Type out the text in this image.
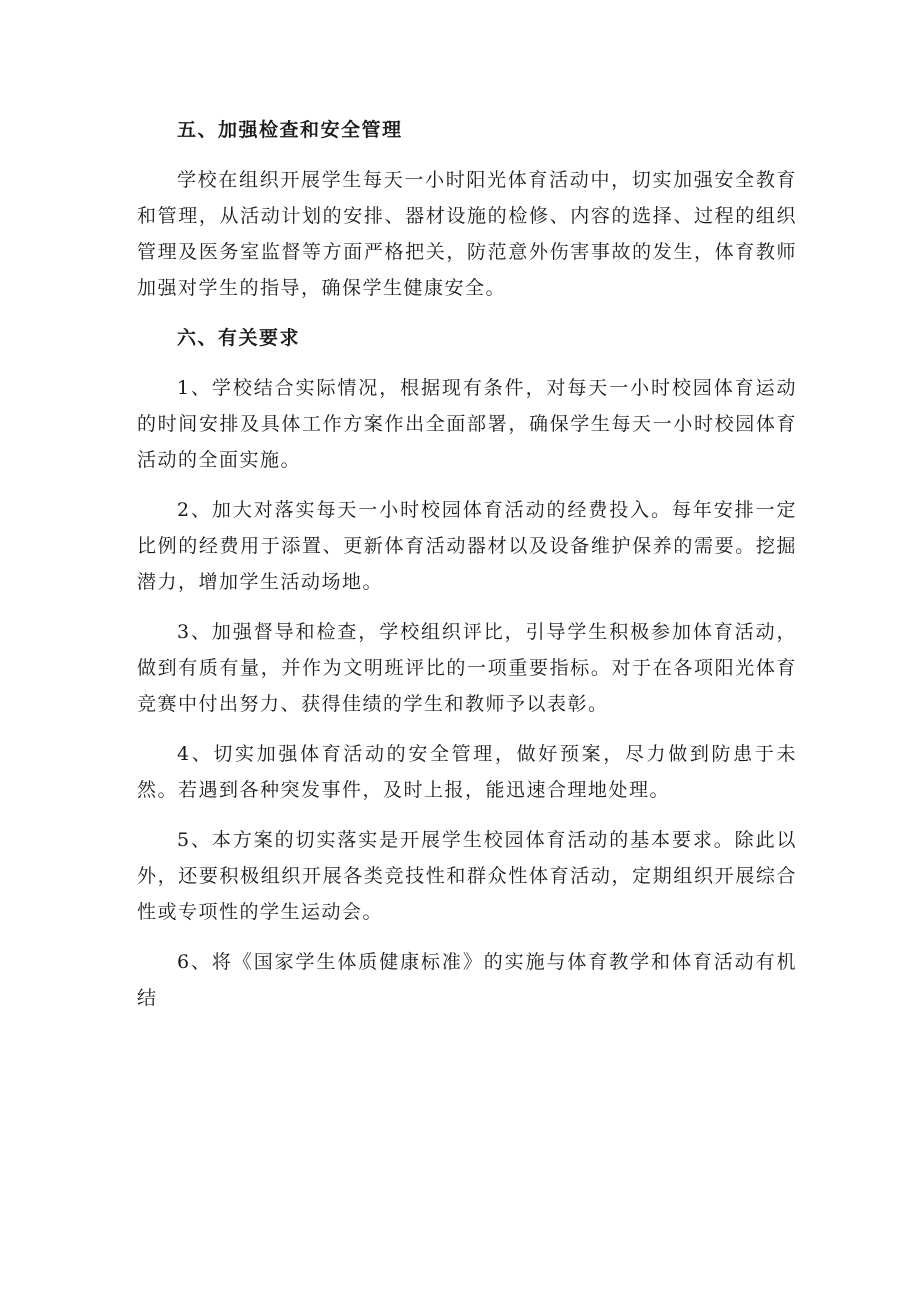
五、加强检查和安全管理

学校在组织开展学生每天一小时阳光体育活动中，切实加强安全教育和管理，从活动计划的安排、器材设施的检修、内容的选择、过程的组织管理及医务室监督等方面严格把关，防范意外伤害事故的发生，体育教师加强对学生的指导，确保学生健康安全。

六、有关要求

1、学校结合实际情况，根据现有条件，对每天一小时校园体育运动的时间安排及具体工作方案作出全面部署，确保学生每天一小时校园体育活动的全面实施。

2、加大对落实每天一小时校园体育活动的经费投入。每年安排一定比例的经费用于添置、更新体育活动器材以及设备维护保养的需要。挖掘潜力，增加学生活动场地。

3、加强督导和检查，学校组织评比，引导学生积极参加体育活动，做到有质有量，并作为文明班评比的一项重要指标。对于在各项阳光体育竞赛中付出努力、获得佳绩的学生和教师予以表彰。

4、切实加强体育活动的安全管理，做好预案，尽力做到防患于未然。若遇到各种突发事件，及时上报，能迅速合理地处理。

5、本方案的切实落实是开展学生校园体育活动的基本要求。除此以外，还要积极组织开展各类竞技性和群众性体育活动，定期组织开展综合性或专项性的学生运动会。

6、将《国家学生体质健康标准》的实施与体育教学和体育活动有机结
